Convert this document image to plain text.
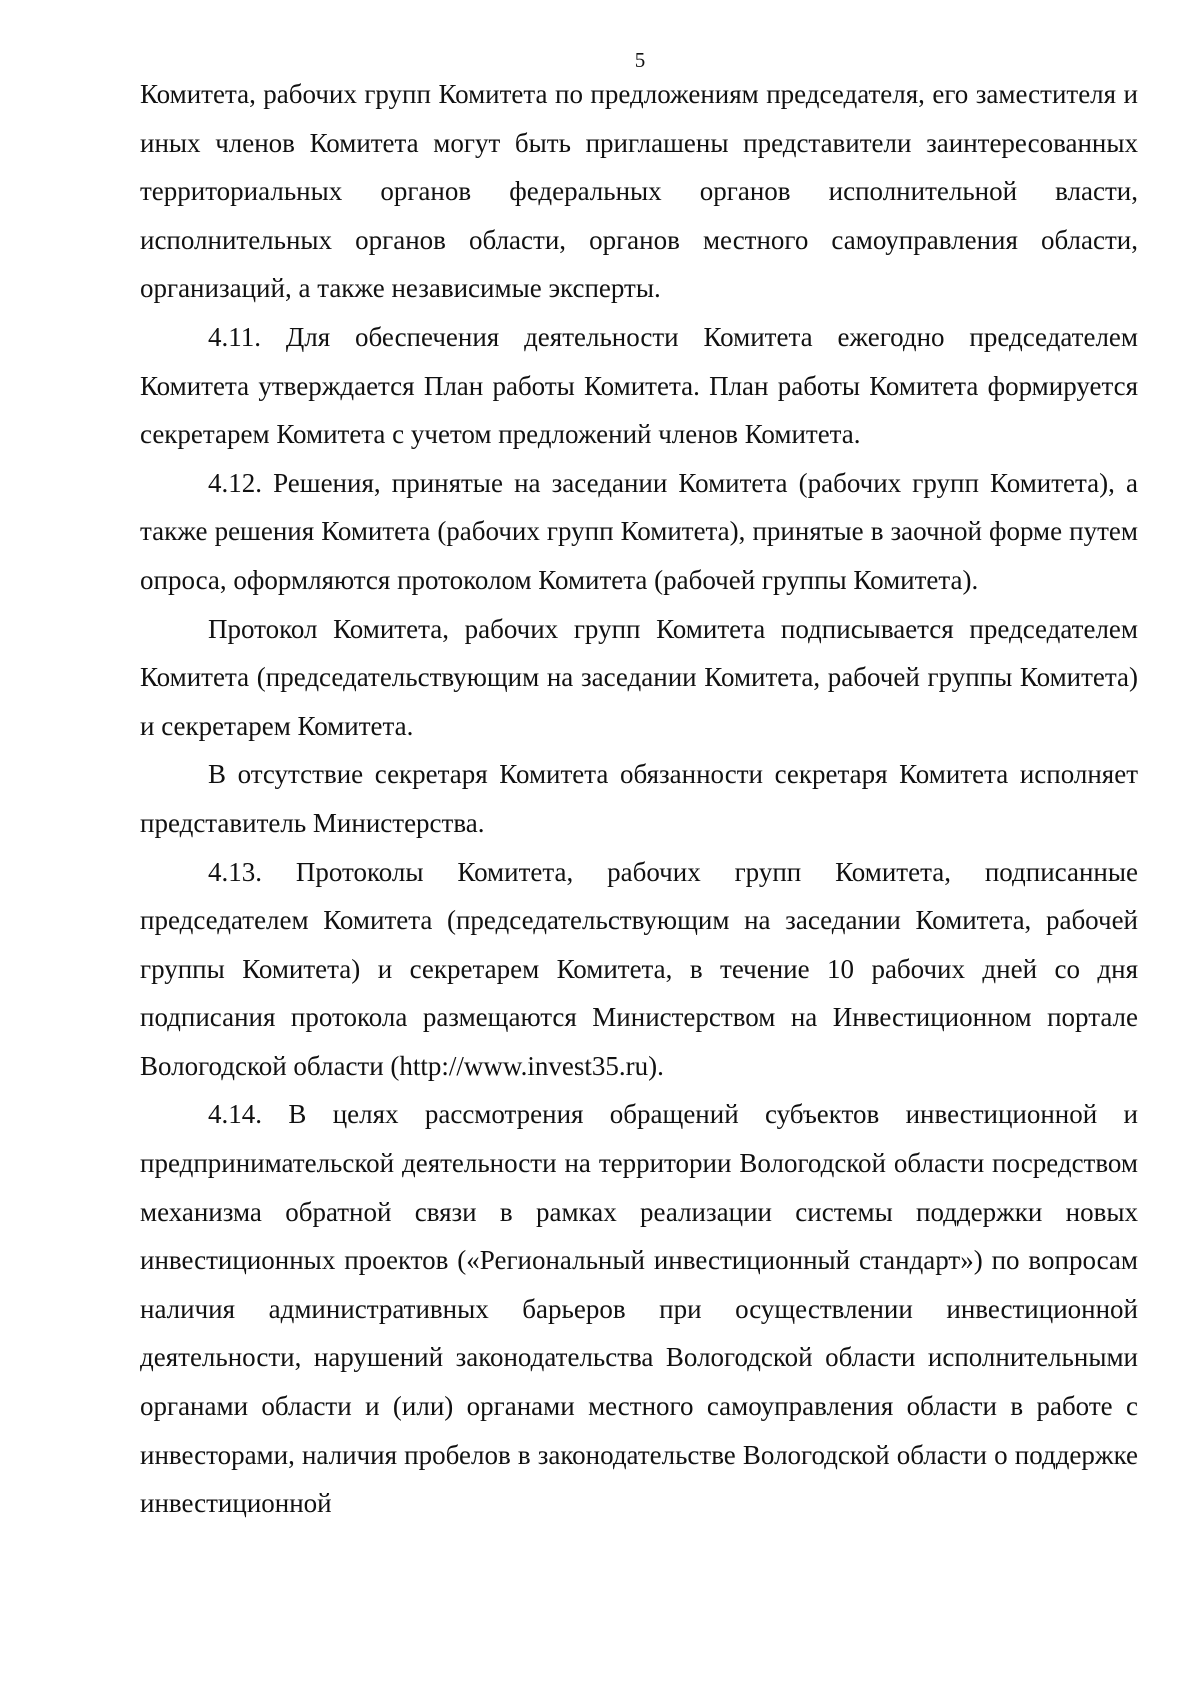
5

Комитета, рабочих групп Комитета по предложениям председателя, его заместителя и иных членов Комитета могут быть приглашены представители заинтересованных территориальных органов федеральных органов исполнительной власти, исполнительных органов области, органов местного самоуправления области, организаций, а также независимые эксперты.

4.11. Для обеспечения деятельности Комитета ежегодно председателем Комитета утверждается План работы Комитета. План работы Комитета формируется секретарем Комитета с учетом предложений членов Комитета.

4.12. Решения, принятые на заседании Комитета (рабочих групп Комитета), а также решения Комитета (рабочих групп Комитета), принятые в заочной форме путем опроса, оформляются протоколом Комитета (рабочей группы Комитета).

Протокол Комитета, рабочих групп Комитета подписывается председателем Комитета (председательствующим на заседании Комитета, рабочей группы Комитета) и секретарем Комитета.

В отсутствие секретаря Комитета обязанности секретаря Комитета исполняет представитель Министерства.

4.13. Протоколы Комитета, рабочих групп Комитета, подписанные председателем Комитета (председательствующим на заседании Комитета, рабочей группы Комитета) и секретарем Комитета, в течение 10 рабочих дней со дня подписания протокола размещаются Министерством на Инвестиционном портале Вологодской области (http://www.invest35.ru).

4.14. В целях рассмотрения обращений субъектов инвестиционной и предпринимательской деятельности на территории Вологодской области посредством механизма обратной связи в рамках реализации системы поддержки новых инвестиционных проектов («Региональный инвестиционный стандарт») по вопросам наличия административных барьеров при осуществлении инвестиционной деятельности, нарушений законодательства Вологодской области исполнительными органами области и (или) органами местного самоуправления области в работе с инвесторами, наличия пробелов в законодательстве Вологодской области о поддержке инвестиционной
